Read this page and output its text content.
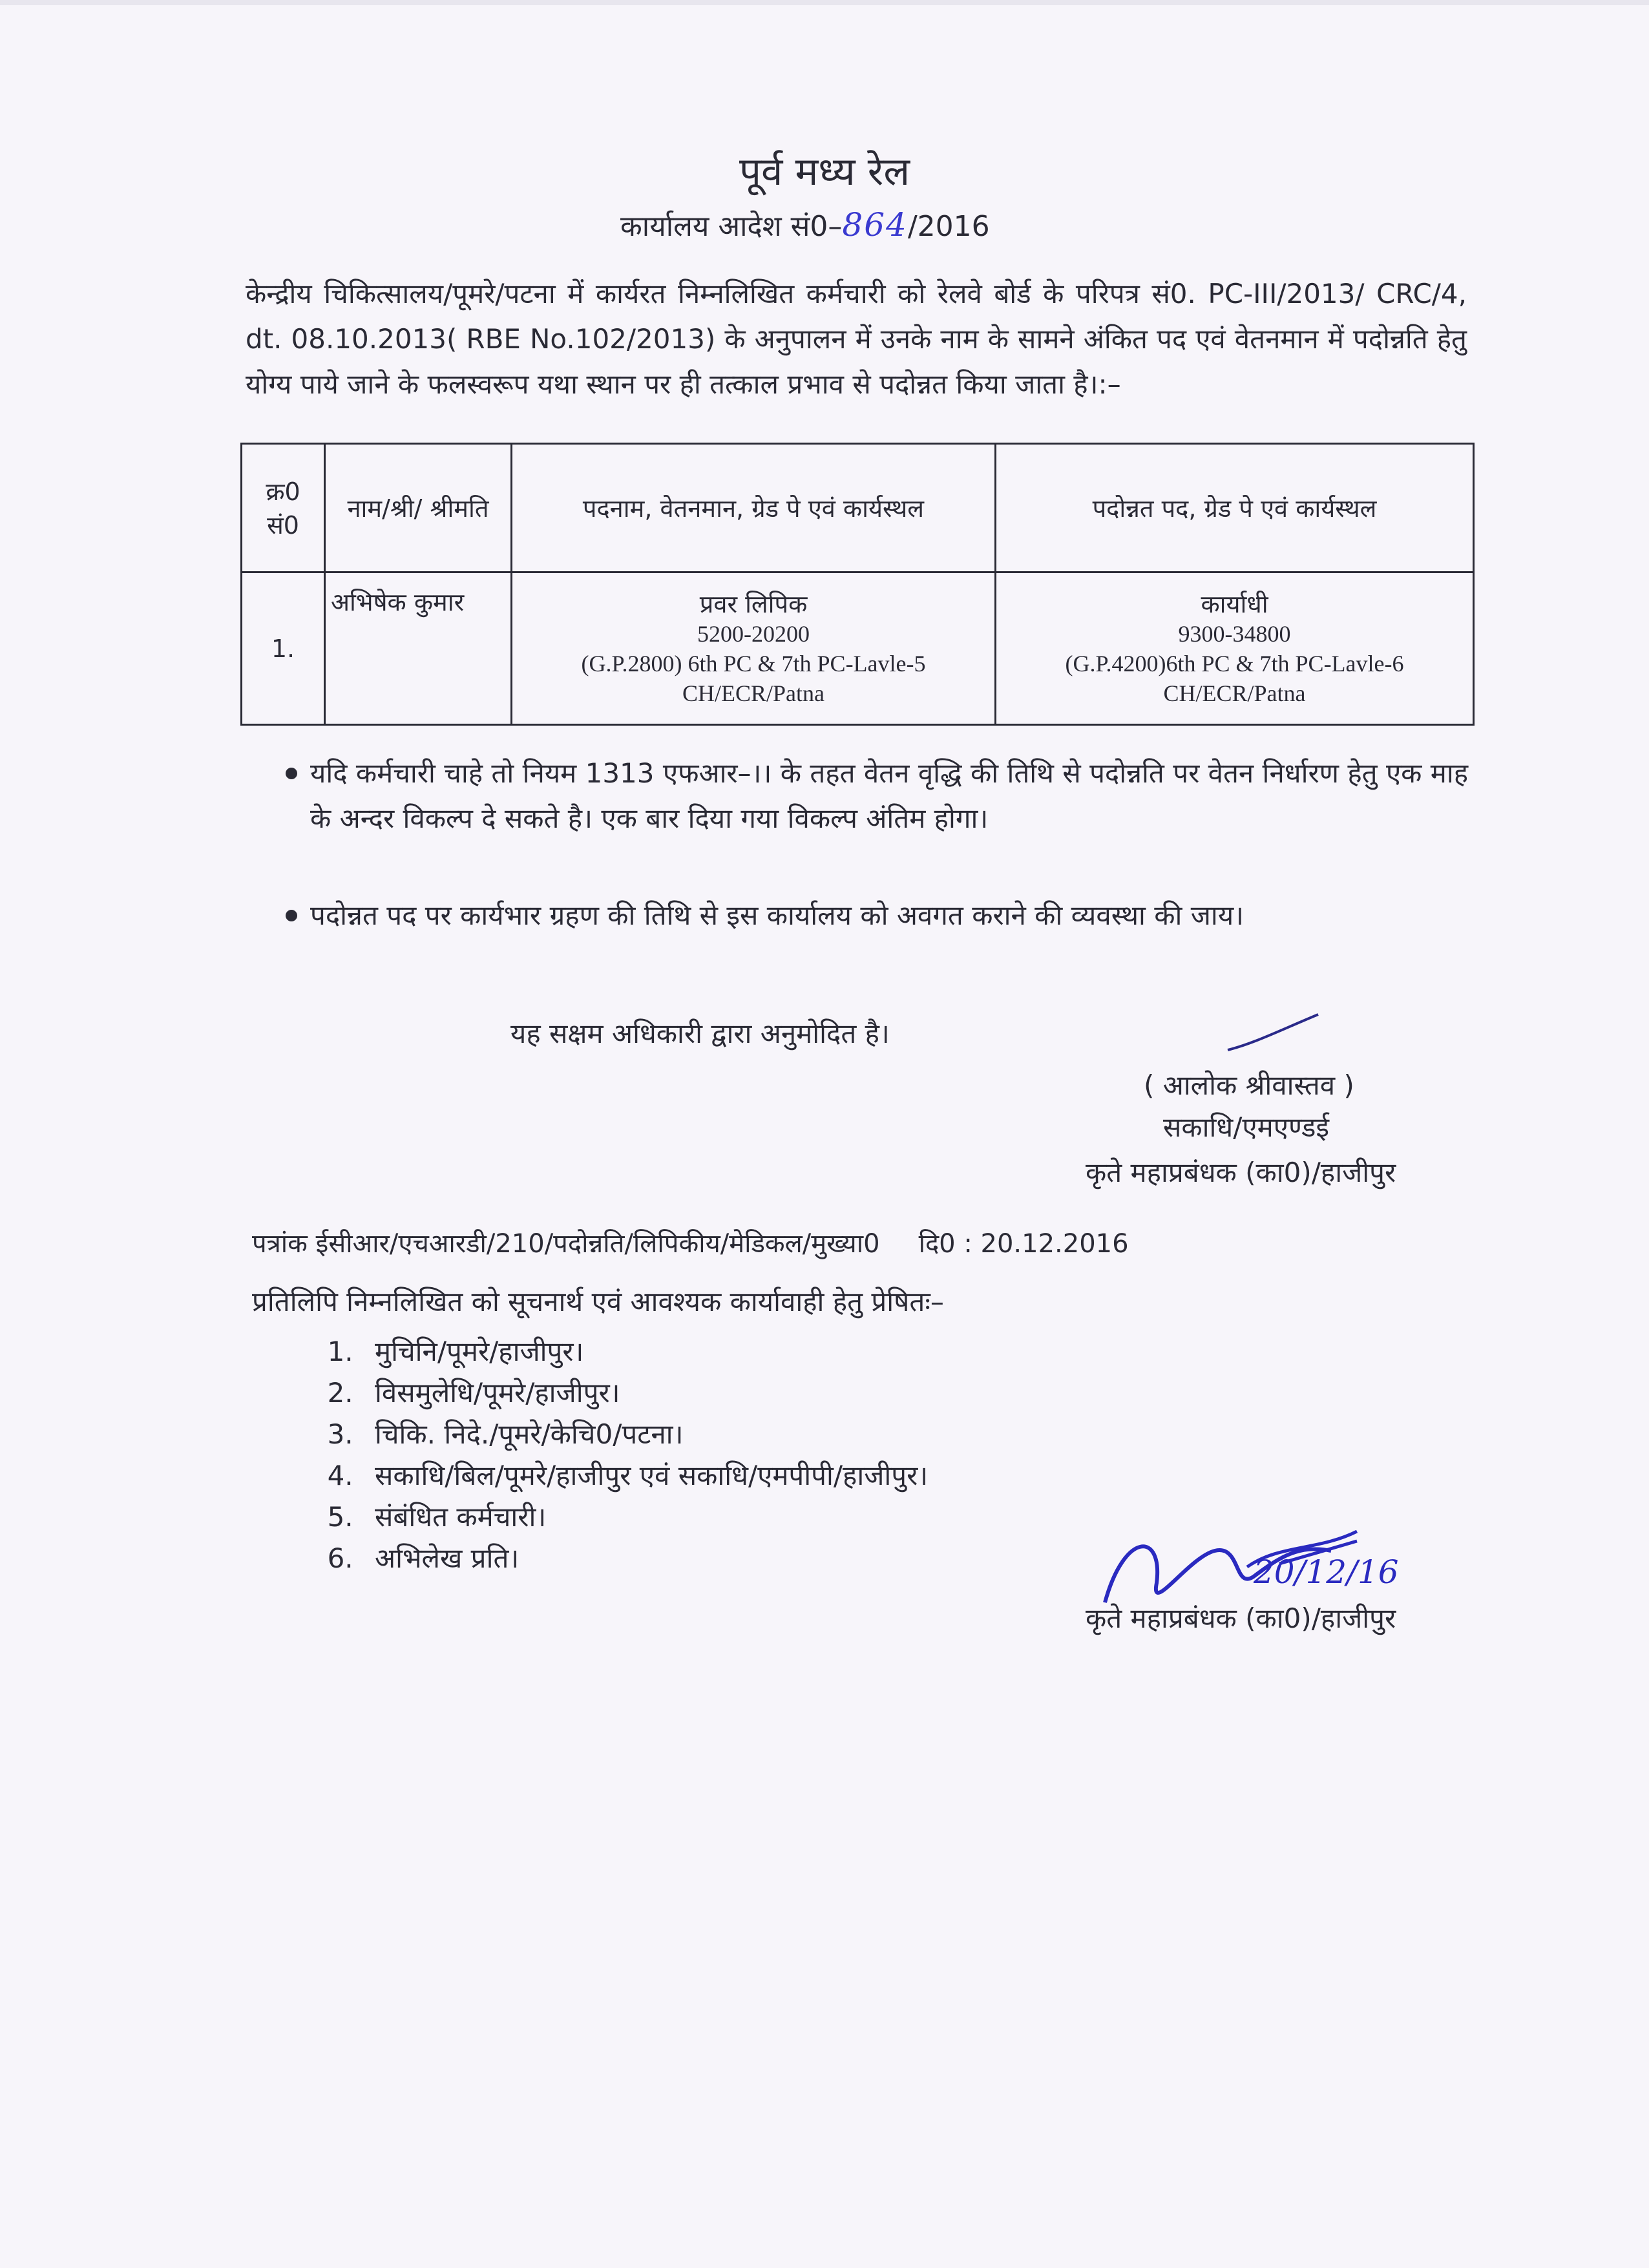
पूर्व मध्य रेल
कार्यालय आदेश सं0–864/2016
केन्द्रीय चिकित्सालय/पूमरे/पटना में कार्यरत निम्नलिखित कर्मचारी को रेलवे बोर्ड के परिपत्र सं0. PC-III/2013/ CRC/4, dt. 08.10.2013( RBE No.102/2013) के अनुपालन में उनके नाम के सामने अंकित पद एवं वेतनमान में पदोन्नति हेतु योग्य पाये जाने के फलस्वरूप यथा स्थान पर ही तत्काल प्रभाव से पदोन्नत किया जाता है।:–
क्र0 सं0	नाम/श्री/ श्रीमति	पदनाम, वेतनमान, ग्रेड पे एवं कार्यस्थल	पदोन्नत पद, ग्रेड पे एवं कार्यस्थल
1.	अभिषेक कुमार	प्रवर लिपिक
5200-20200
(G.P.2800) 6th PC & 7th PC-Lavle-5
CH/ECR/Patna	कार्याधी
9300-34800
(G.P.4200)6th PC & 7th PC-Lavle-6
CH/ECR/Patna
यदि कर्मचारी चाहे तो नियम 1313 एफआर–।। के तहत वेतन वृद्धि की तिथि से पदोन्नति पर वेतन निर्धारण हेतु एक माह के अन्दर विकल्प दे सकते है। एक बार दिया गया विकल्प अंतिम होगा।
पदोन्नत पद पर कार्यभार ग्रहण की तिथि से इस कार्यालय को अवगत कराने की व्यवस्था की जाय।
यह सक्षम अधिकारी द्वारा अनुमोदित है।
( आलोक श्रीवास्तव )
सकाधि/एमएण्डई
कृते महाप्रबंधक (का0)/हाजीपुर
पत्रांक ईसीआर/एचआरडी/210/पदोन्नति/लिपिकीय/मेडिकल/मुख्या0 दि0 : 20.12.2016
प्रतिलिपि निम्नलिखित को सूचनार्थ एवं आवश्यक कार्यावाही हेतु प्रेषितः–
1. मुचिनि/पूमरे/हाजीपुर।
2. विसमुलेधि/पूमरे/हाजीपुर।
3. चिकि. निदे./पूमरे/केचि0/पटना।
4. सकाधि/बिल/पूमरे/हाजीपुर एवं सकाधि/एमपीपी/हाजीपुर।
5. संबंधित कर्मचारी।
6. अभिलेख प्रति।	20/12/16
कृते महाप्रबंधक (का0)/हाजीपुर
